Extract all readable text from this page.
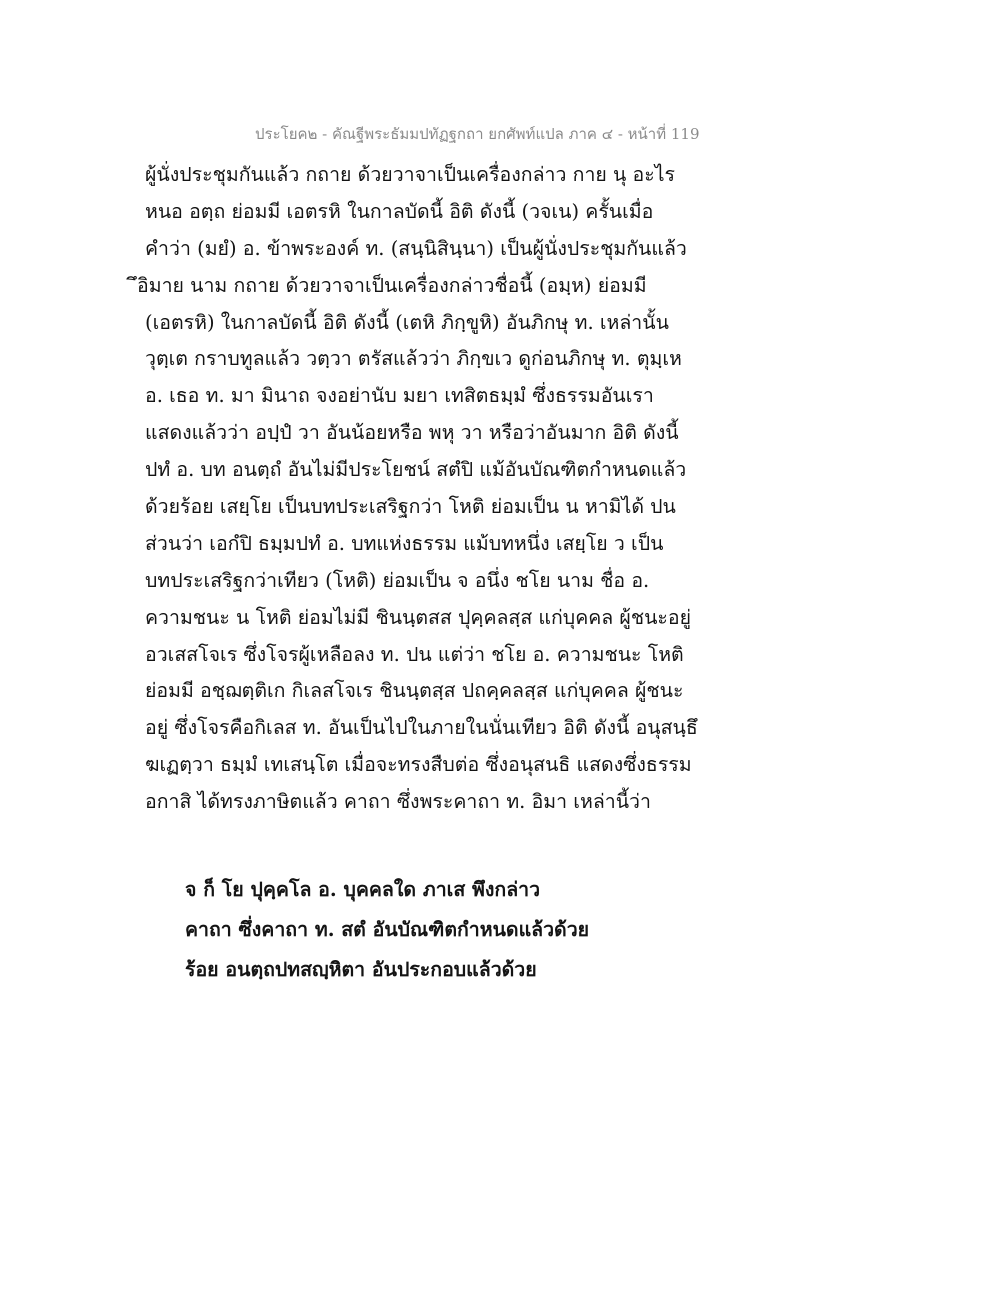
ประโยค๒ - คัณฐีพระธัมมปทัฏฐกถา ยกศัพท์แปล ภาค ๔ - หน้าที่ 119
ผู้นั่งประชุมกันแล้ว กถาย ด้วยวาจาเป็นเครื่องกล่าว กาย นุ อะไร
หนอ อตฺถ ย่อมมี เอตรหิ ในกาลบัดนี้ อิติ ดังนี้ (วจเน) ครั้นเมื่อ
คำว่า (มยํ) อ. ข้าพระองค์ ท. (สนฺนิสินฺนา) เป็นผู้นั่งประชุมกันแล้ว
ึอิมาย นาม กถาย ด้วยวาจาเป็นเครื่องกล่าวชื่อนี้ (อมฺห) ย่อมมี
(เอตรหิ) ในกาลบัดนี้ อิติ ดังนี้ (เตหิ ภิกฺขูหิ) อันภิกษุ ท. เหล่านั้น
วุตฺเต กราบทูลแล้ว วตฺวา ตรัสแล้วว่า ภิกฺขเว ดูก่อนภิกษุ ท. ตุมฺเห
อ. เธอ ท. มา มินาถ จงอย่านับ มยา เทสิตธมฺมํ ซึ่งธรรมอันเรา
แสดงแล้วว่า อปฺปํ วา อันน้อยหรือ พหุ วา หรือว่าอันมาก อิติ ดังนี้
ปทํ อ. บท อนตฺถํ อันไม่มีประโยชน์ สตํปิ แม้อันบัณฑิตกำหนดแล้ว
ด้วยร้อย เสยฺโย เป็นบทประเสริฐกว่า โหติ ย่อมเป็น น หามิได้ ปน
ส่วนว่า เอกํปิ ธมฺมปทํ อ. บทแห่งธรรม แม้บทหนึ่ง เสยฺโย ว เป็น
บทประเสริฐกว่าเทียว (โหติ) ย่อมเป็น จ อนึ่ง ชโย นาม ชื่อ อ.
ความชนะ น โหติ ย่อมไม่มี ชินนฺตสส ปุคฺคลสฺส แก่บุคคล ผู้ชนะอยู่
อวเสสโจเร ซึ่งโจรผู้เหลือลง ท. ปน แต่ว่า ชโย อ. ความชนะ โหติ
ย่อมมี อชฺฌตฺติเก กิเลสโจเร ชินนฺตสฺส ปถคฺคลสฺส แก่บุคคล ผู้ชนะ
อยู่ ซึ่งโจรคือกิเลส ท. อันเป็นไปในภายในนั่นเทียว อิติ ดังนี้ อนุสนฺธึ
ฆเฏตฺวา ธมฺมํ เทเสนฺโต เมื่อจะทรงสืบต่อ ซึ่งอนุสนธิ แสดงซึ่งธรรม
อกาสิ ได้ทรงภาษิตแล้ว คาถา ซึ่งพระคาถา ท. อิมา เหล่านี้ว่า
จ ก็ โย ปุคฺคโล อ. บุคคลใด ภาเส พึงกล่าว
คาถา ซึ่งคาถา ท. สตํ อันบัณฑิตกำหนดแล้วด้วย
ร้อย อนตฺถปทสญฺหิตา อันประกอบแล้วด้วย
